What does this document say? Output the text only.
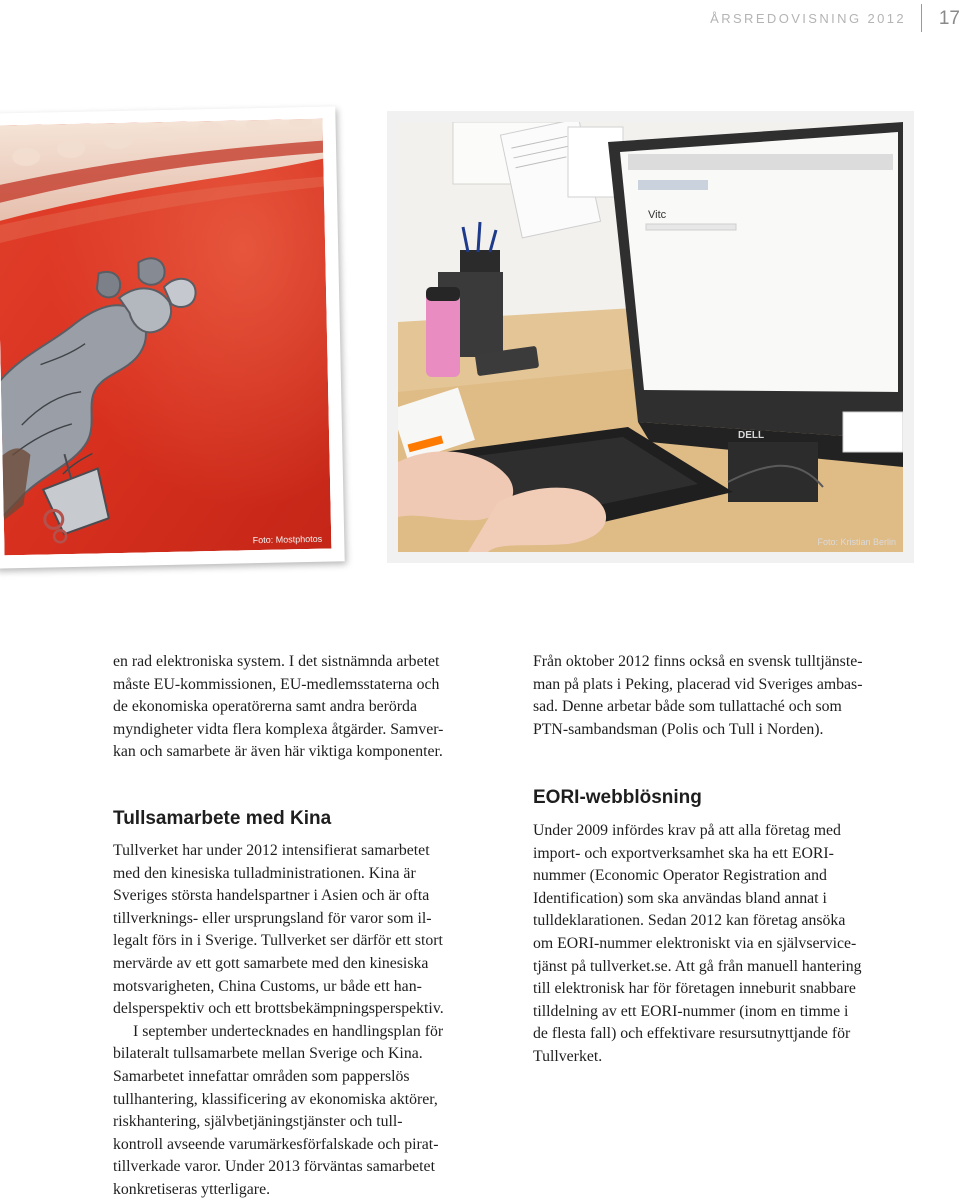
ÅRSREDOVISNING 2012 17
Foto: Mostphotos
Vitc
DELL
Foto: Kristian Berlin
en rad elektroniska system. I det sistnämnda arbetet
måste EU-kommissionen, EU-medlemsstaterna och
de ekonomiska operatörerna samt andra berörda
myndigheter vidta flera komplexa åtgärder. Samver-
kan och samarbete är även här viktiga komponenter.
Tullsamarbete med Kina
Tullverket har under 2012 intensifierat samarbetet
med den kinesiska tulladministrationen. Kina är
Sveriges största handelspartner i Asien och är ofta
tillverknings- eller ursprungsland för varor som il-
legalt förs in i Sverige. Tullverket ser därför ett stort
mervärde av ett gott samarbete med den kinesiska
motsvarigheten, China Customs, ur både ett han-
delsperspektiv och ett brottsbekämpningsperspektiv.
I september undertecknades en handlingsplan för
bilateralt tullsamarbete mellan Sverige och Kina.
Samarbetet innefattar områden som papperslös
tullhantering, klassificering av ekonomiska aktörer,
riskhantering, självbetjäningstjänster och tull-
kontroll avseende varumärkesförfalskade och pirat-
tillverkade varor. Under 2013 förväntas samarbetet
konkretiseras ytterligare.
Från oktober 2012 finns också en svensk tulltjänste-
man på plats i Peking, placerad vid Sveriges ambas-
sad. Denne arbetar både som tullattaché och som
PTN-sambandsman (Polis och Tull i Norden).
EORI-webblösning
Under 2009 infördes krav på att alla företag med
import- och exportverksamhet ska ha ett EORI-
nummer (Economic Operator Registration and
Identification) som ska användas bland annat i
tulldeklarationen. Sedan 2012 kan företag ansöka
om EORI-nummer elektroniskt via en självservice-
tjänst på tullverket.se. Att gå från manuell hantering
till elektronisk har för företagen inneburit snabbare
tilldelning av ett EORI-nummer (inom en timme i
de flesta fall) och effektivare resursutnyttjande för
Tullverket.
